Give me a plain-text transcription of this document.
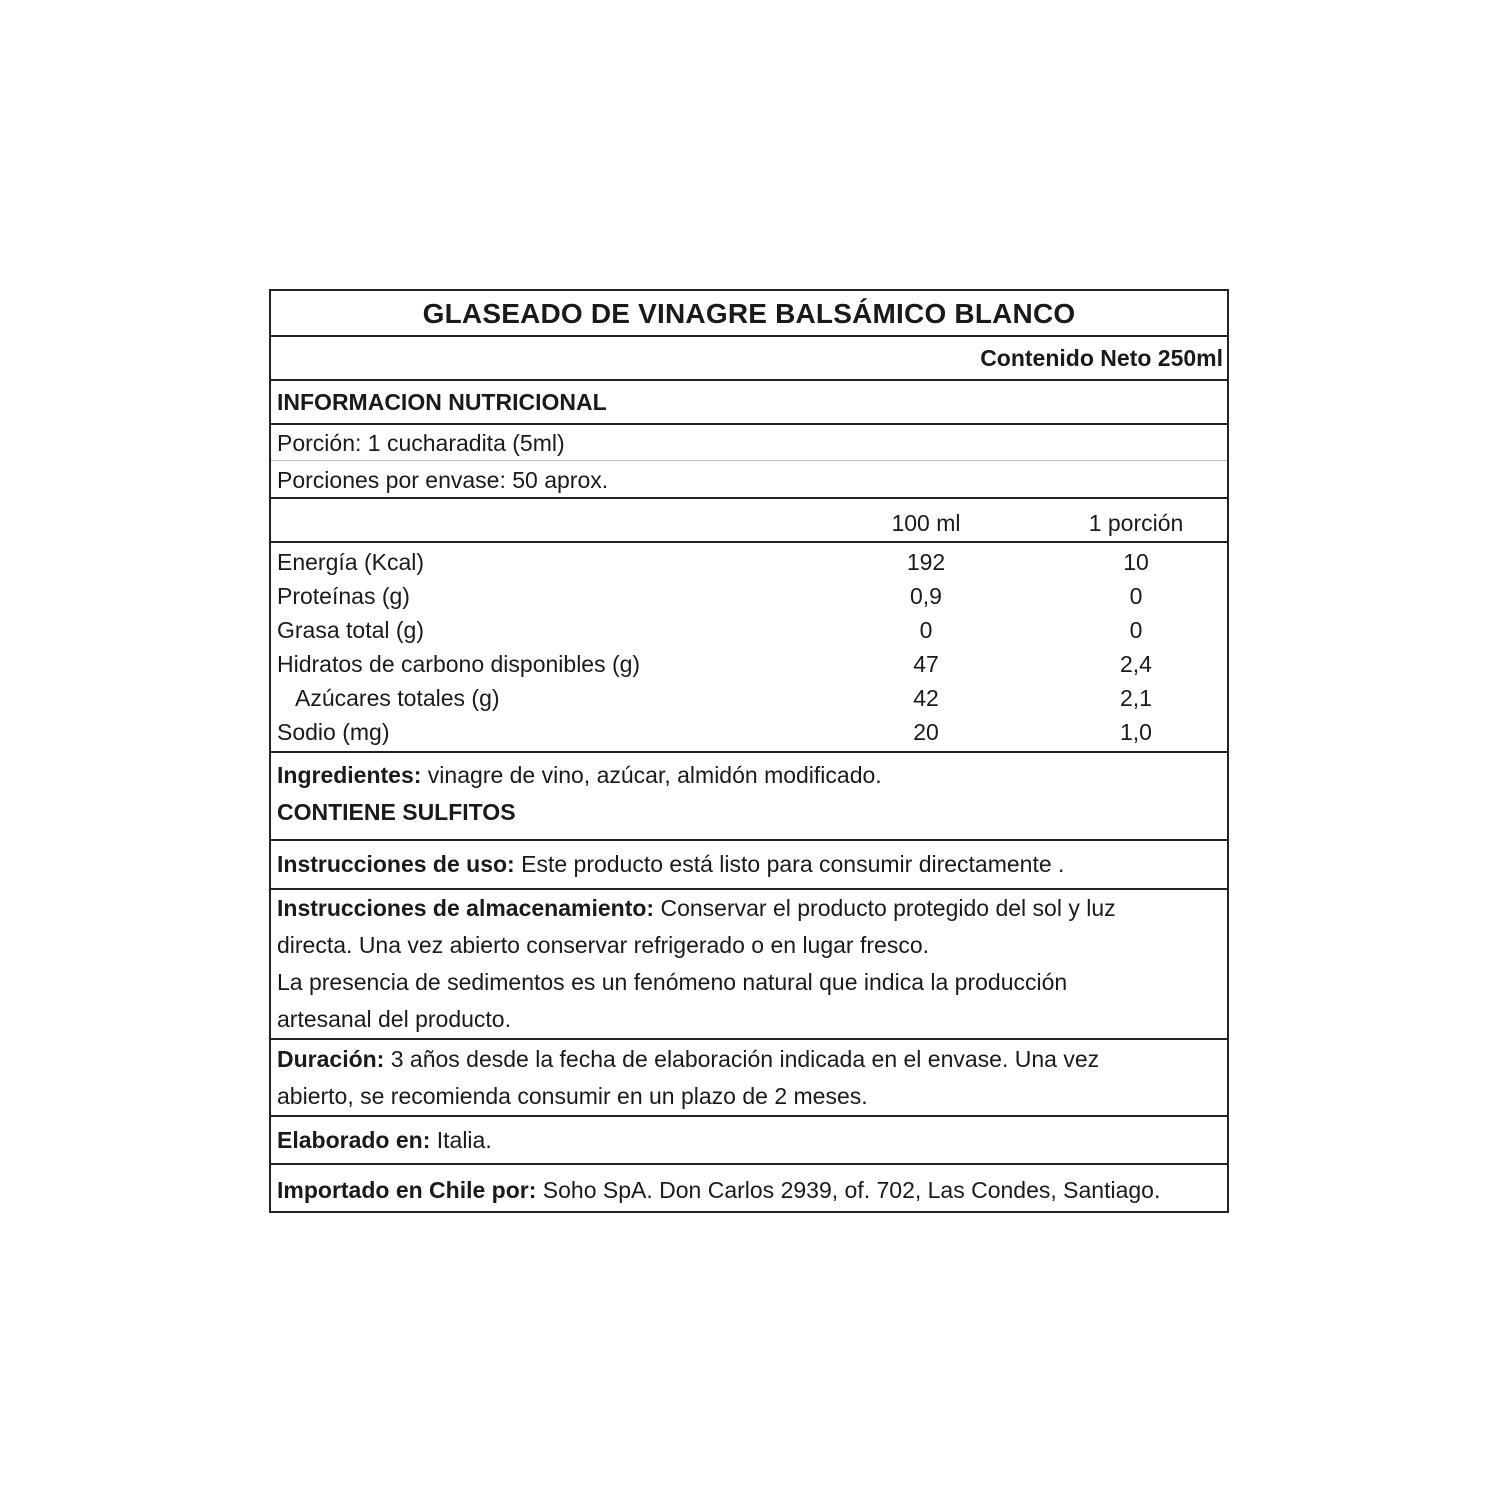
GLASEADO DE VINAGRE BALSÁMICO BLANCO
Contenido Neto 250ml
INFORMACION NUTRICIONAL
Porción: 1 cucharadita (5ml)
Porciones por envase: 50 aprox.
100 ml	1 porción
Energía (Kcal)	192	10
Proteínas (g)	0,9	0
Grasa total (g)	0	0
Hidratos de carbono disponibles (g)	47	2,4
Azúcares totales (g)	42	2,1
Sodio (mg)	20	1,0
Ingredientes: vinagre de vino, azúcar, almidón modificado.
CONTIENE SULFITOS
Instrucciones de uso: Este producto está listo para consumir directamente .
Instrucciones de almacenamiento: Conservar el producto protegido del sol y luz
directa. Una vez abierto conservar refrigerado o en lugar fresco.
La presencia de sedimentos es un fenómeno natural que indica la producción
artesanal del producto.
Duración: 3 años desde la fecha de elaboración indicada en el envase. Una vez
abierto, se recomienda consumir en un plazo de 2 meses.
Elaborado en: Italia.
Importado en Chile por: Soho SpA. Don Carlos 2939, of. 702, Las Condes, Santiago.
